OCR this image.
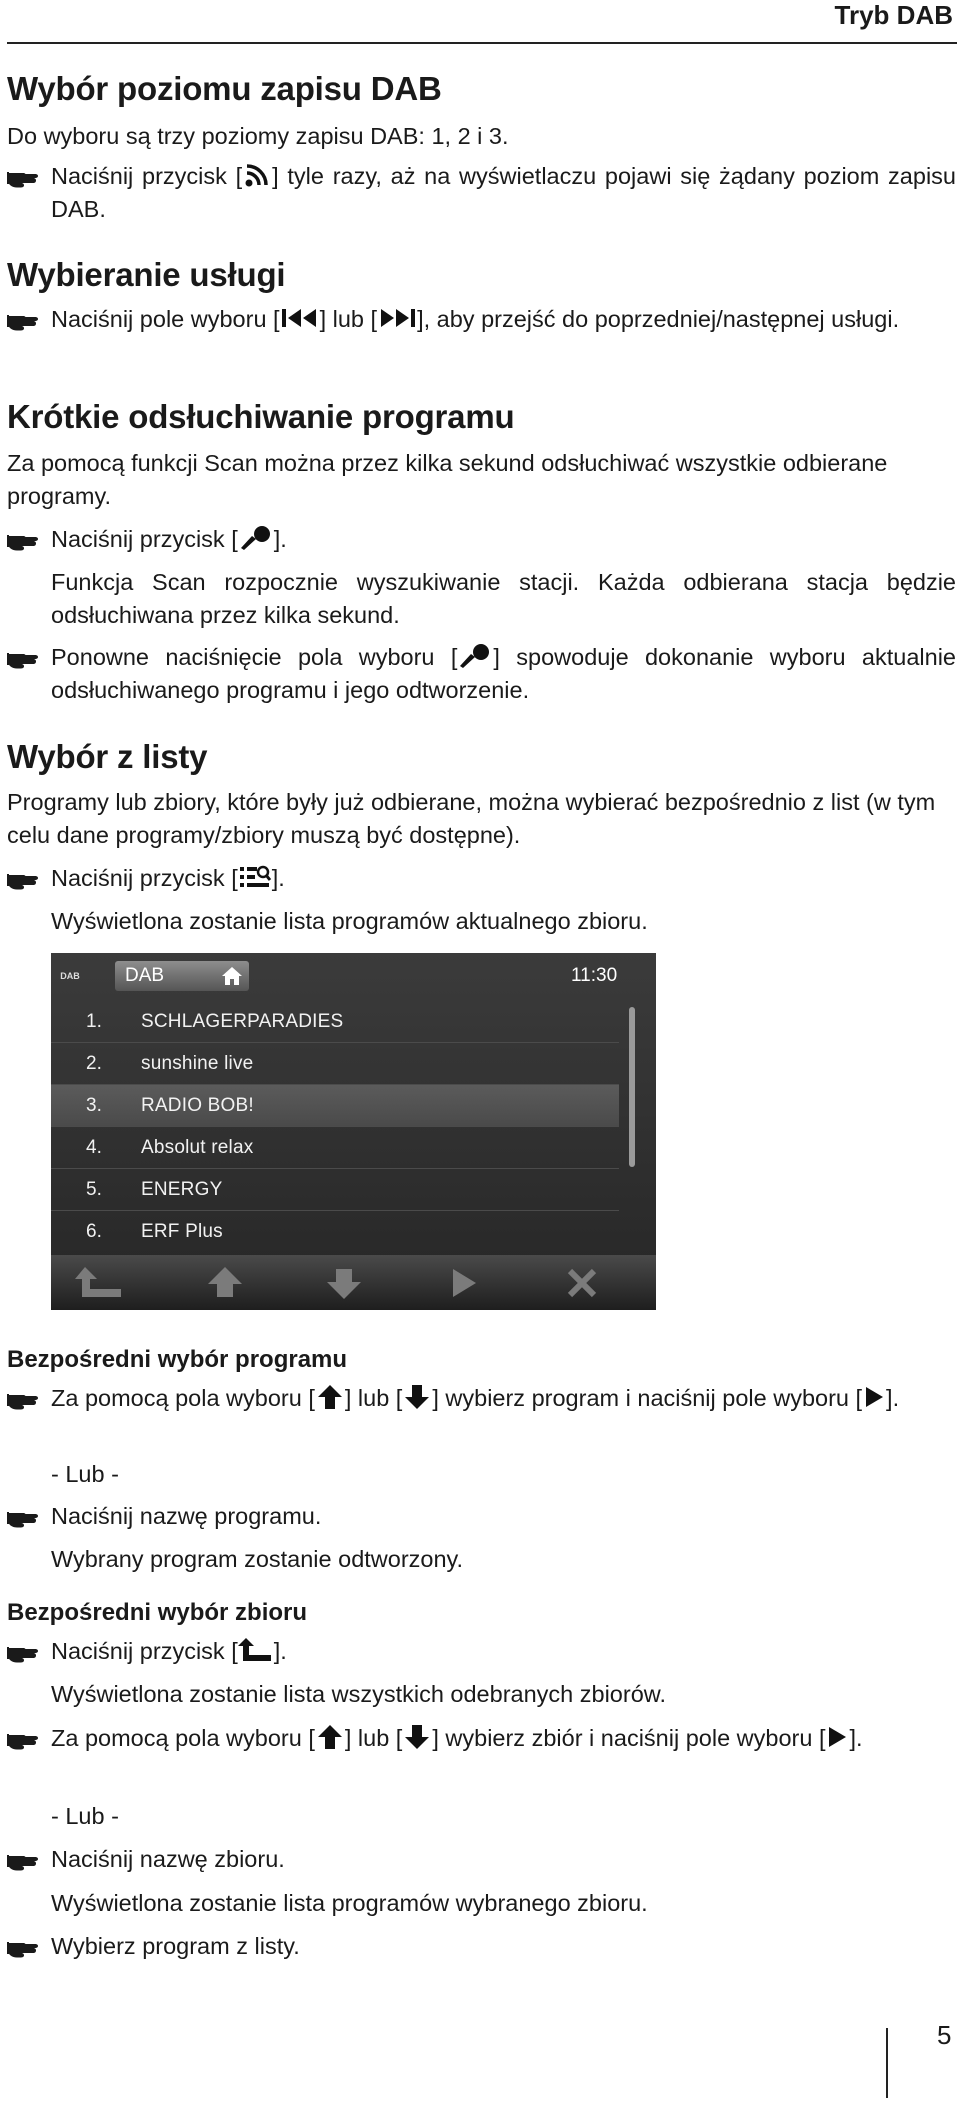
Tryb DAB
Wybór poziomu zapisu DAB

Do wyboru są trzy poziomy zapisu DAB: 1, 2 i 3.

Naciśnij przycisk [ ] tyle razy, aż na wyświetlaczu pojawi się żądany poziom zapisu DAB.
Wybieranie usługi
Naciśnij pole wyboru [ ] lub [ ], aby przejść do poprzedniej/następnej usługi.
Krótkie odsłuchiwanie programu

Za pomocą funkcji Scan można przez kilka sekund odsłuchiwać wszystkie odbierane programy.

Naciśnij przycisk [ ].
Funkcja Scan rozpocznie wyszukiwanie stacji. Każda odbierana stacja będzie odsłuchiwana przez kilka sekund.
Ponowne naciśnięcie pola wyboru [ ] spowoduje dokonanie wyboru aktualnie odsłuchiwanego programu i jego odtworzenie.
Wybór z listy

Programy lub zbiory, które były już odbierane, można wybierać bezpośrednio z list (w tym celu dane programy/zbiory muszą być dostępne).

Naciśnij przycisk [ ].
Wyświetlona zostanie lista programów aktualnego zbioru.
DAB	DAB	11:30
1. SCHLAGERPARADIES
2. sunshine live
3. RADIO BOB!
4. Absolut relax
5. ENERGY
6. ERF Plus
Bezpośredni wybór programu
Za pomocą pola wyboru [ ] lub [ ] wybierz program i naciśnij pole wyboru [ ].
- Lub -
Naciśnij nazwę programu.
Wybrany program zostanie odtworzony.
Bezpośredni wybór zbioru
Naciśnij przycisk [ ].
Wyświetlona zostanie lista wszystkich odebranych zbiorów.
Za pomocą pola wyboru [ ] lub [ ] wybierz zbiór i naciśnij pole wyboru [ ].
- Lub -
Naciśnij nazwę zbioru.
Wyświetlona zostanie lista programów wybranego zbioru.
Wybierz program z listy.
5
